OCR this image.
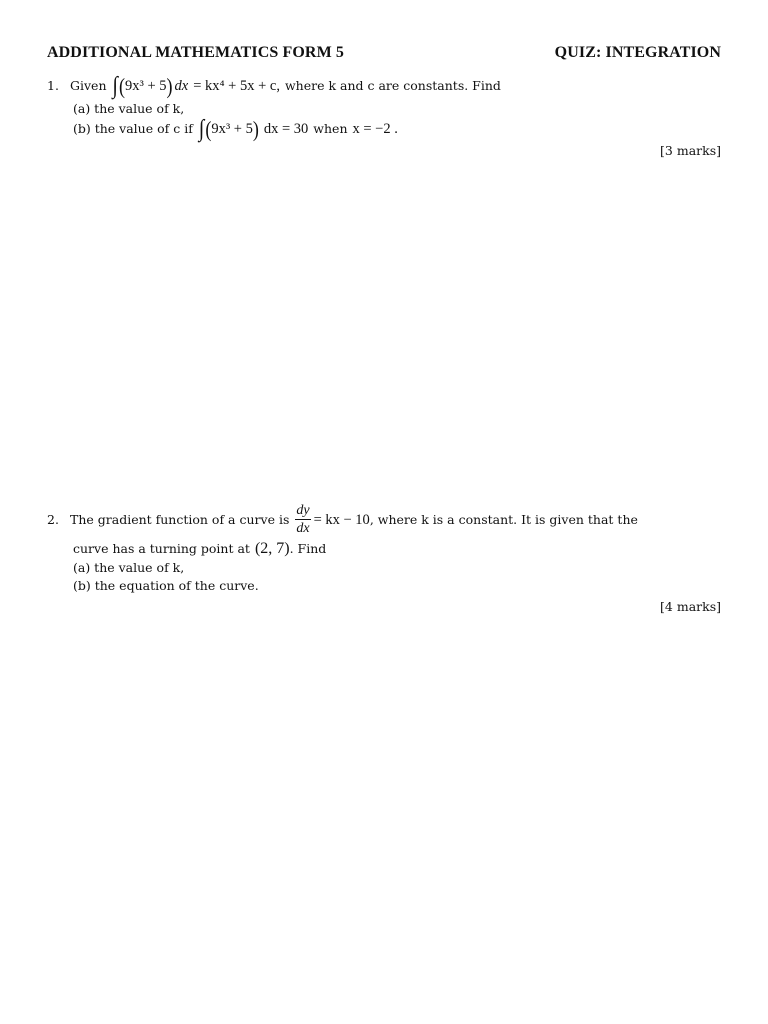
ADDITIONAL MATHEMATICS FORM 5	QUIZ: INTEGRATION
1. Given ∫ ( 9x³ + 5 ) dx = kx⁴ + 5x + c, where k and c are constants. Find
(a) the value of k,
(b) the value of c if ∫ ( 9x³ + 5 ) dx = 30 when x = −2 .
[3 marks]
2. The gradient function of a curve is $\frac{dy}{dx}$ = kx − 10 , where k is a constant. It is given that the
curve has a turning point at (2, 7) . Find
(a) the value of k,
(b) the equation of the curve.
[4 marks]
